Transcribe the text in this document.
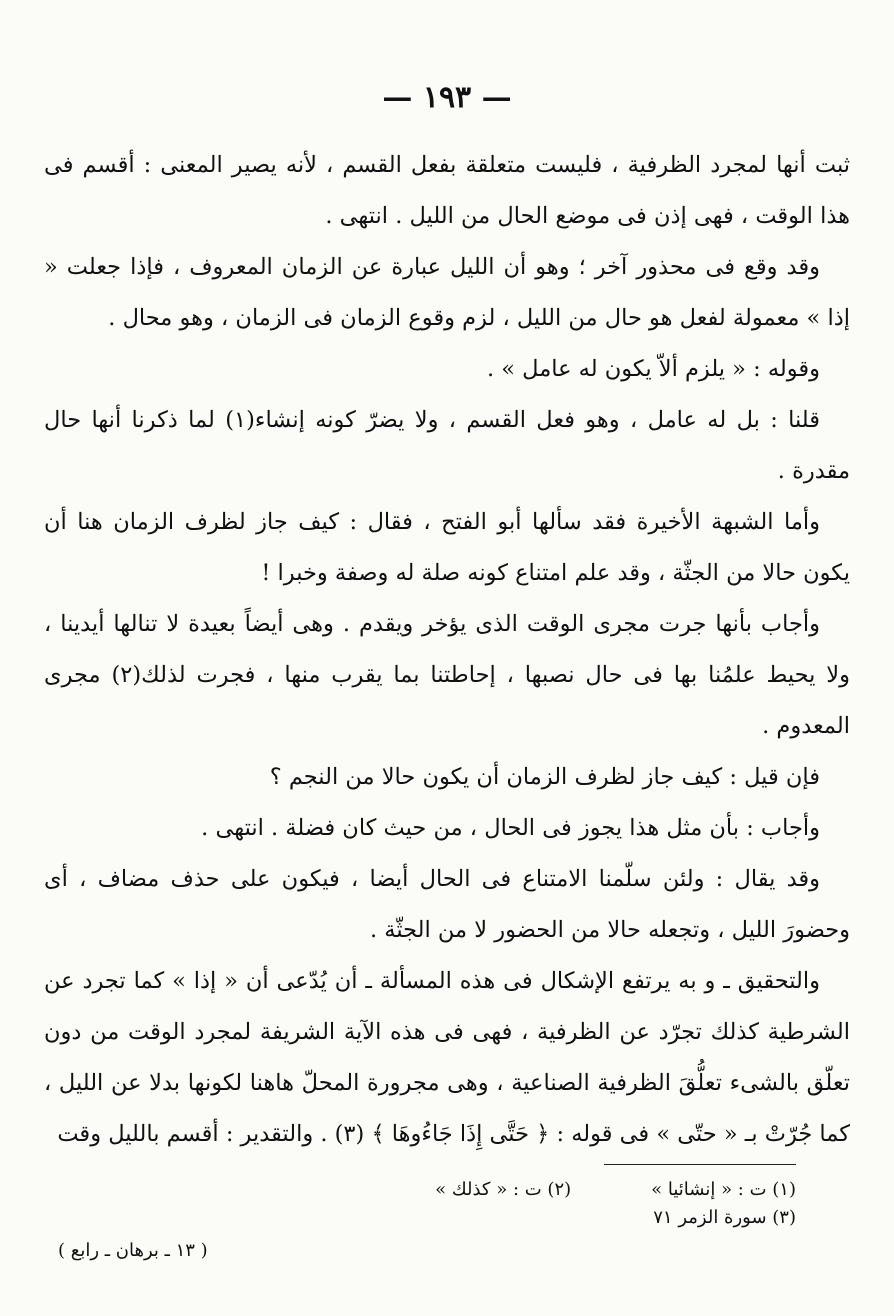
— ١٩٣ —

ثبت أنها لمجرد الظرفية ، فليست متعلقة بفعل القسم ، لأنه يصير المعنى : أقسم فى هذا الوقت ، فهى إذن فى موضع الحال من الليل . انتهى .

وقد وقع فى محذور آخر ؛ وهو أن الليل عبارة عن الزمان المعروف ، فإذا جعلت « إذا » معمولة لفعل هو حال من الليل ، لزم وقوع الزمان فى الزمان ، وهو محال .

وقوله : « يلزم ألاّ يكون له عامل » .

قلنا : بل له عامل ، وهو فعل القسم ، ولا يضرّ كونه إنشاء(١) لما ذكرنا أنها حال مقدرة .

وأما الشبهة الأخيرة فقد سألها أبو الفتح ، فقال : كيف جاز لظرف الزمان هنا أن يكون حالا من الجثّة ، وقد علم امتناع كونه صلة له وصفة وخبرا !

وأجاب بأنها جرت مجرى الوقت الذى يؤخر ويقدم . وهى أيضاً بعيدة لا تنالها أيدينا ، ولا يحيط علمُنا بها فى حال نصبها ، إحاطتنا بما يقرب منها ، فجرت لذلك(٢) مجرى المعدوم .

فإن قيل : كيف جاز لظرف الزمان أن يكون حالا من النجم ؟

وأجاب : بأن مثل هذا يجوز فى الحال ، من حيث كان فضلة . انتهى .

وقد يقال : ولئن سلّمنا الامتناع فى الحال أيضا ، فيكون على حذف مضاف ، أى وحضورَ الليل ، وتجعله حالا من الحضور لا من الجثّة .

والتحقيق ـ و به يرتفع الإشكال فى هذه المسألة ـ أن يُدّعى أن « إذا » كما تجرد عن الشرطية كذلك تجرّد عن الظرفية ، فهى فى هذه الآية الشريفة لمجرد الوقت من دون تعلّق بالشىء تعلُّقَ الظرفية الصناعية ، وهى مجرورة المحلّ هاهنا لكونها بدلا عن الليل ، كما جُرّتْ بـ « حتّى » فى قوله : ﴿ حَتَّى إِذَا جَاءُوهَا ﴾ (٣) . والتقدير : أقسم بالليل وقت

(١) ت : « إنشائيا »
(٢) ت : « كذلك »
(٣) سورة الزمر ٧١
( ١٣ ـ برهان ـ رابع )
